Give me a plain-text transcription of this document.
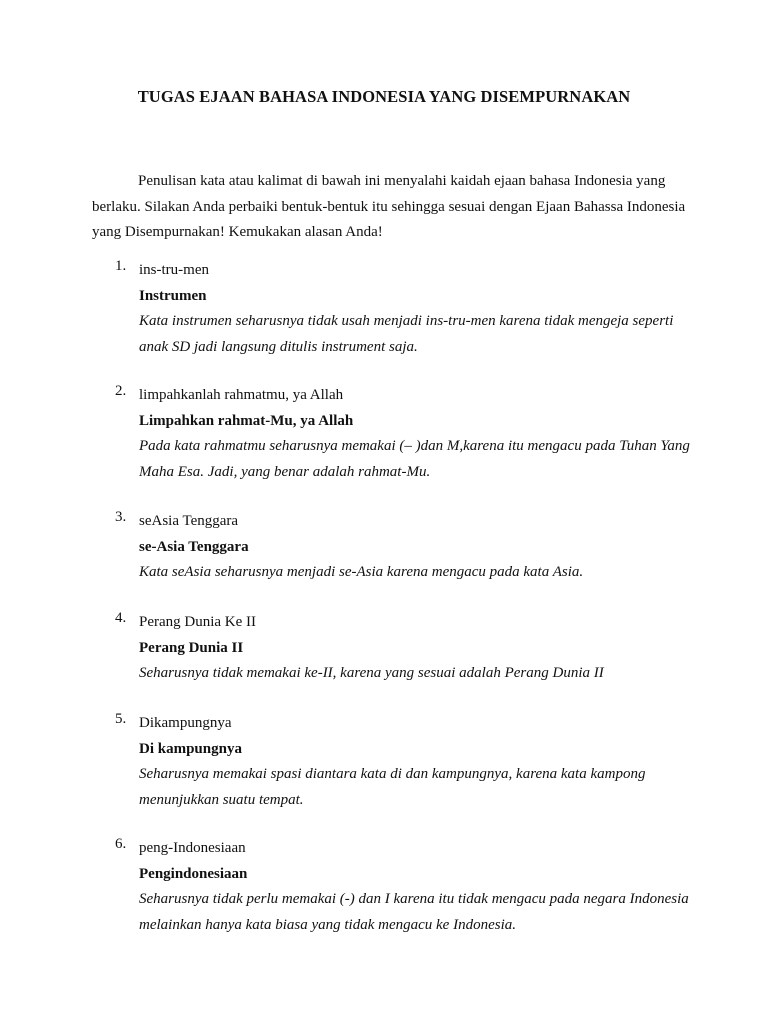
TUGAS EJAAN BAHASA INDONESIA YANG DISEMPURNAKAN
Penulisan kata atau kalimat di bawah ini menyalahi kaidah ejaan bahasa Indonesia yang berlaku. Silakan Anda perbaiki bentuk-bentuk itu sehingga sesuai dengan Ejaan Bahassa Indonesia yang Disempurnakan! Kemukakan alasan Anda!
1. ins-tru-men
Instrumen
Kata instrumen seharusnya tidak usah menjadi ins-tru-men karena tidak mengeja seperti anak SD jadi langsung ditulis instrument saja.
2. limpahkanlah rahmatmu, ya Allah
Limpahkan rahmat-Mu, ya Allah
Pada kata rahmatmu seharusnya memakai (– )dan M,karena itu mengacu pada Tuhan Yang Maha Esa. Jadi, yang benar adalah rahmat-Mu.
3. seAsia Tenggara
se-Asia Tenggara
Kata seAsia seharusnya menjadi se-Asia karena mengacu pada kata Asia.
4. Perang Dunia Ke II
Perang Dunia II
Seharusnya tidak memakai ke-II, karena yang sesuai adalah Perang Dunia II
5. Dikampungnya
Di kampungnya
Seharusnya memakai spasi diantara kata di dan kampungnya, karena kata kampong menunjukkan suatu tempat.
6. peng-Indonesiaan
Pengindonesiaan
Seharusnya tidak perlu memakai (-) dan I karena itu tidak mengacu pada negara Indonesia melainkan hanya kata biasa yang tidak mengacu ke Indonesia.
